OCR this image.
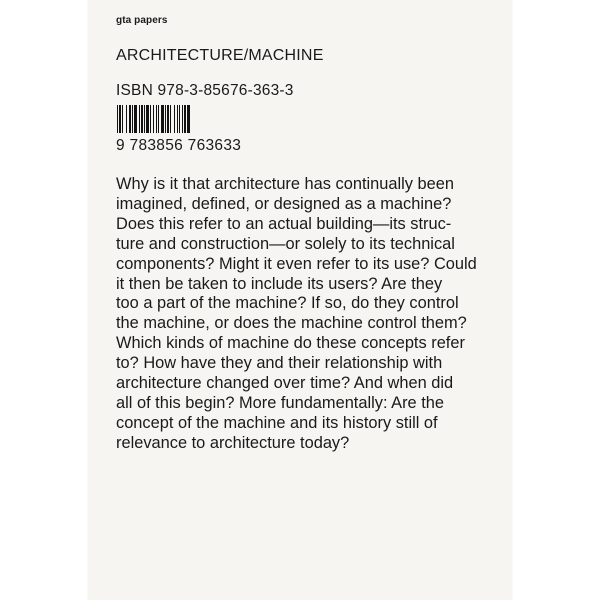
gta papers
ARCHITECTURE/MACHINE
ISBN 978-3-85676-363-3
9 783856 763633
Why is it that architecture has continually been
imagined, defined, or designed as a machine?
Does this refer to an actual building—its struc-
ture and construction—or solely to its technical
components? Might it even refer to its use? Could
it then be taken to include its users? Are they
too a part of the machine? If so, do they control
the machine, or does the machine control them?
Which kinds of machine do these concepts refer
to? How have they and their relationship with
architecture changed over time? And when did
all of this begin? More fundamentally: Are the
concept of the machine and its history still of
relevance to architecture today?
